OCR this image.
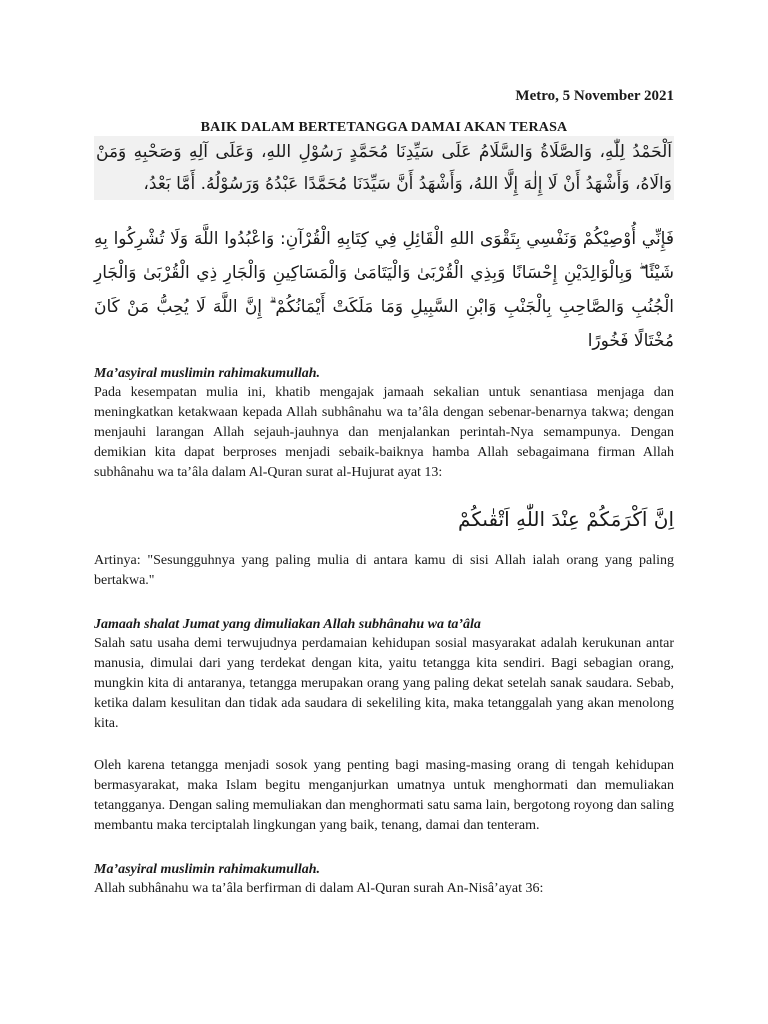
Metro, 5 November 2021
BAIK DALAM BERTETANGGA DAMAI AKAN TERASA
اَلْحَمْدُ لِلّٰهِ، وَالصَّلَاةُ وَالسَّلَامُ عَلَى سَيِّدِنَا مُحَمَّدٍ رَسُوْلِ اللهِ، وَعَلَى آلِهِ وَصَحْبِهِ وَمَنْ وَالَاهُ، وَأَشْهَدُ أَنْ لَا إِلٰهَ إِلَّا اللهُ، وَأَشْهَدُ أَنَّ سَيِّدَنَا مُحَمَّدًا عَبْدُهُ وَرَسُوْلُهُ. أَمَّا بَعْدُ،
فَإِنِّي أُوْصِيْكُمْ وَنَفْسِي بِتَقْوَى اللهِ الْقَائِلِ فِي كِتَابِهِ الْقُرْآنِ: وَاعْبُدُوا اللَّهَ وَلَا تُشْرِكُوا بِهِ شَيْئًا ۖ وَبِالْوَالِدَيْنِ إِحْسَانًا وَبِذِي الْقُرْبَىٰ وَالْيَتَامَىٰ وَالْمَسَاكِينِ وَالْجَارِ ذِي الْقُرْبَىٰ وَالْجَارِ الْجُنُبِ وَالصَّاحِبِ بِالْجَنْبِ وَابْنِ السَّبِيلِ وَمَا مَلَكَتْ أَيْمَانُكُمْ ۗ إِنَّ اللَّهَ لَا يُحِبُّ مَنْ كَانَ مُخْتَالًا فَخُورًا
Ma’asyiral muslimin rahimakumullah.

Pada kesempatan mulia ini, khatib mengajak jamaah sekalian untuk senantiasa menjaga dan meningkatkan ketakwaan kepada Allah subhânahu wa ta’âla dengan sebenar-benarnya takwa; dengan menjauhi larangan Allah sejauh-jauhnya dan menjalankan perintah-Nya semampunya. Dengan demikian kita dapat berproses menjadi sebaik-baiknya hamba Allah sebagaimana firman Allah subhânahu wa ta’âla dalam Al-Quran surat al-Hujurat ayat 13:

اِنَّ اَكْرَمَكُمْ عِنْدَ اللّٰهِ اَتْقٰىكُمْ

Artinya: "Sesungguhnya yang paling mulia di antara kamu di sisi Allah ialah orang yang paling bertakwa."

Jamaah shalat Jumat yang dimuliakan Allah subhânahu wa ta’âla

Salah satu usaha demi terwujudnya perdamaian kehidupan sosial masyarakat adalah kerukunan antar manusia, dimulai dari yang terdekat dengan kita, yaitu tetangga kita sendiri. Bagi sebagian orang, mungkin kita di antaranya, tetangga merupakan orang yang paling dekat setelah sanak saudara. Sebab, ketika dalam kesulitan dan tidak ada saudara di sekeliling kita, maka tetanggalah yang akan menolong kita.

Oleh karena tetangga menjadi sosok yang penting bagi masing-masing orang di tengah kehidupan bermasyarakat, maka Islam begitu menganjurkan umatnya untuk menghormati dan memuliakan tetangganya. Dengan saling memuliakan dan menghormati satu sama lain, bergotong royong dan saling membantu maka terciptalah lingkungan yang baik, tenang, damai dan tenteram.

Ma’asyiral muslimin rahimakumullah.

Allah subhânahu wa ta’âla berfirman di dalam Al-Quran surah An-Nisâ’ayat 36:
